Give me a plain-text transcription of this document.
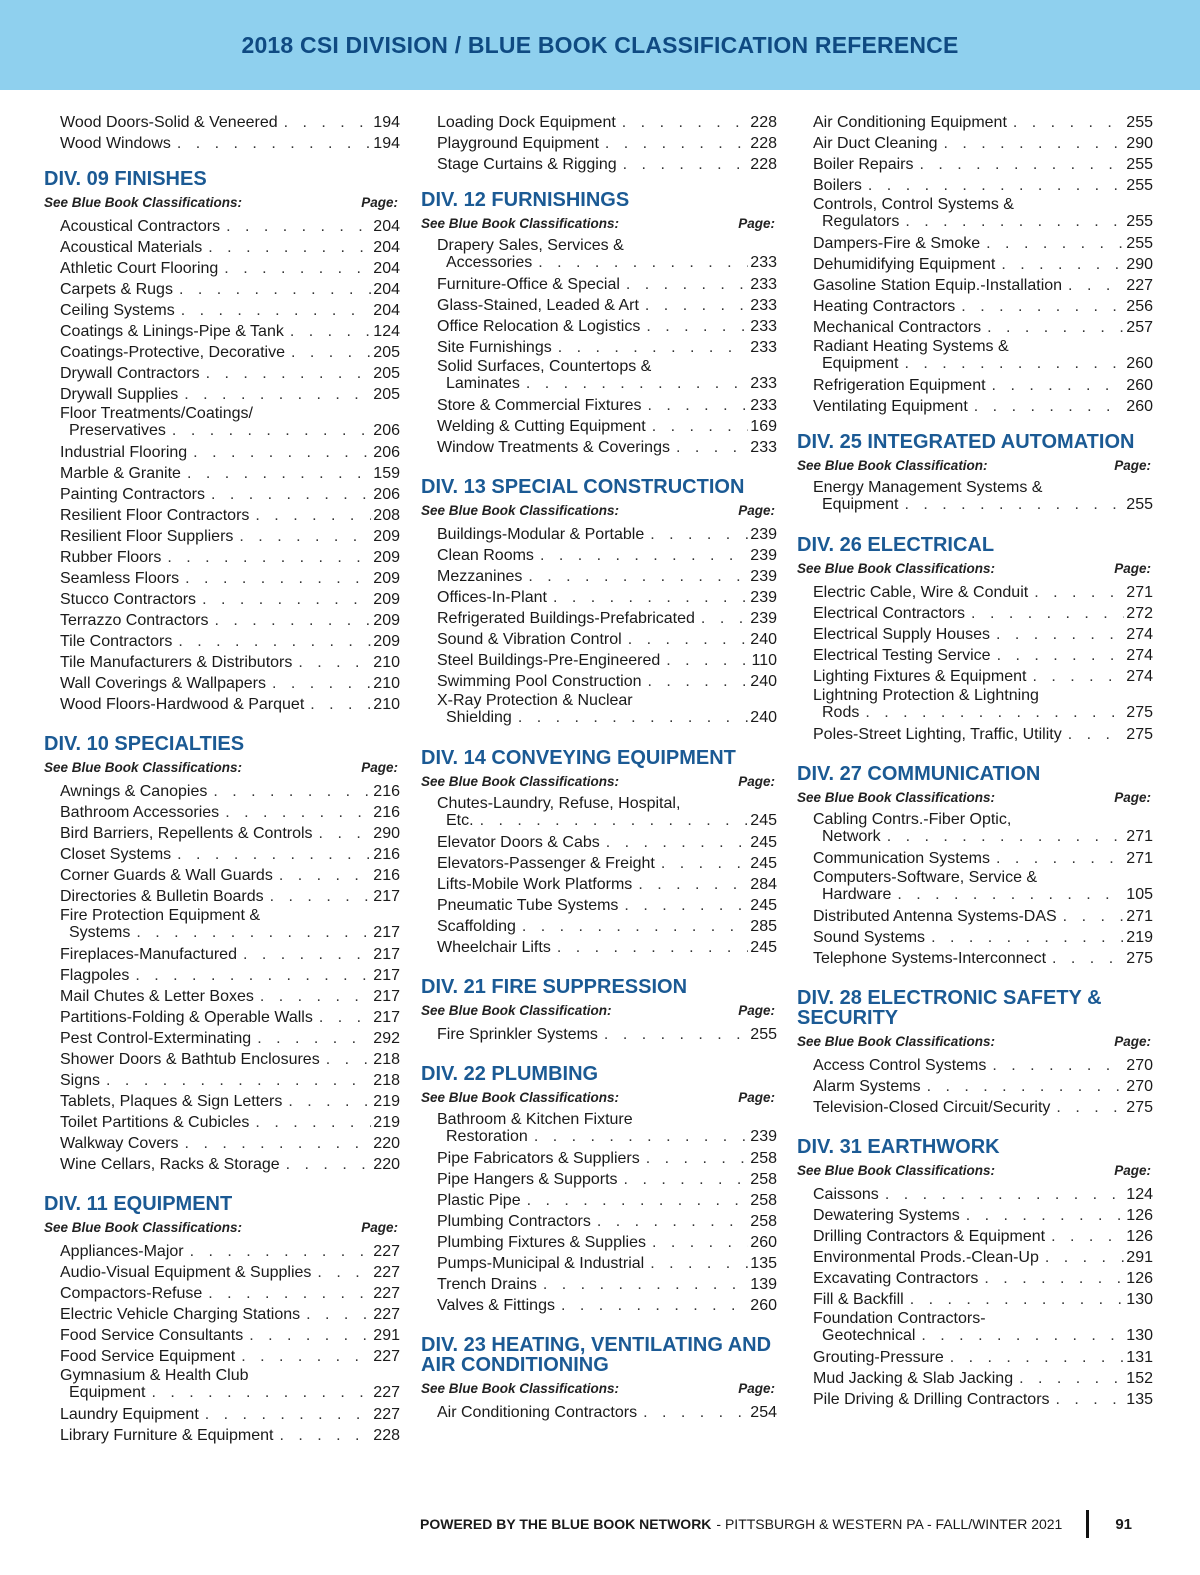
2018 CSI DIVISION / BLUE BOOK CLASSIFICATION REFERENCE
Wood Doors-Solid & Veneered . . .	194
Wood Windows . . .	194
DIV. 09 FINISHES
See Blue Book Classifications:	Page:
Acoustical Contractors . . .	204
Acoustical Materials . . .	204
Athletic Court Flooring . . .	204
Carpets & Rugs . . .	204
Ceiling Systems . . .	204
Coatings & Linings-Pipe & Tank . . .	124
Coatings-Protective, Decorative . . .	205
Drywall Contractors . . .	205
Drywall Supplies . . .	205
Floor Treatments/Coatings/
Preservatives . . .	206
Industrial Flooring . . .	206
Marble & Granite . . .	159
Painting Contractors . . .	206
Resilient Floor Contractors . . .	208
Resilient Floor Suppliers . . .	209
Rubber Floors . . .	209
Seamless Floors . . .	209
Stucco Contractors . . .	209
Terrazzo Contractors . . .	209
Tile Contractors . . .	209
Tile Manufacturers & Distributors . . .	210
Wall Coverings & Wallpapers . . .	210
Wood Floors-Hardwood & Parquet . . .	210
DIV. 10 SPECIALTIES
See Blue Book Classifications:	Page:
Awnings & Canopies . . .	216
Bathroom Accessories . . .	216
Bird Barriers, Repellents & Controls . . .	290
Closet Systems . . .	216
Corner Guards & Wall Guards . . .	216
Directories & Bulletin Boards . . .	217
Fire Protection Equipment &
Systems . . .	217
Fireplaces-Manufactured . . .	217
Flagpoles . . .	217
Mail Chutes & Letter Boxes . . .	217
Partitions-Folding & Operable Walls . . .	217
Pest Control-Exterminating . . .	292
Shower Doors & Bathtub Enclosures . . .	218
Signs . . .	218
Tablets, Plaques & Sign Letters . . .	219
Toilet Partitions & Cubicles . . .	219
Walkway Covers . . .	220
Wine Cellars, Racks & Storage . . .	220
DIV. 11 EQUIPMENT
See Blue Book Classifications:	Page:
Appliances-Major . . .	227
Audio-Visual Equipment & Supplies . . .	227
Compactors-Refuse . . .	227
Electric Vehicle Charging Stations . . .	227
Food Service Consultants . . .	291
Food Service Equipment . . .	227
Gymnasium & Health Club
Equipment . . .	227
Laundry Equipment . . .	227
Library Furniture & Equipment . . .	228
Loading Dock Equipment . . .	228
Playground Equipment . . .	228
Stage Curtains & Rigging . . .	228
DIV. 12 FURNISHINGS
See Blue Book Classifications:	Page:
Drapery Sales, Services &
Accessories . . .	233
Furniture-Office & Special . . .	233
Glass-Stained, Leaded & Art . . .	233
Office Relocation & Logistics . . .	233
Site Furnishings . . .	233
Solid Surfaces, Countertops &
Laminates . . .	233
Store & Commercial Fixtures . . .	233
Welding & Cutting Equipment . . .	169
Window Treatments & Coverings . . .	233
DIV. 13 SPECIAL CONSTRUCTION
See Blue Book Classifications:	Page:
Buildings-Modular & Portable . . .	239
Clean Rooms . . .	239
Mezzanines . . .	239
Offices-In-Plant . . .	239
Refrigerated Buildings-Prefabricated . . .	239
Sound & Vibration Control . . .	240
Steel Buildings-Pre-Engineered . . .	110
Swimming Pool Construction . . .	240
X-Ray Protection & Nuclear
Shielding . . .	240
DIV. 14 CONVEYING EQUIPMENT
See Blue Book Classifications:	Page:
Chutes-Laundry, Refuse, Hospital,
Etc. . . .	245
Elevator Doors & Cabs . . .	245
Elevators-Passenger & Freight . . .	245
Lifts-Mobile Work Platforms . . .	284
Pneumatic Tube Systems . . .	245
Scaffolding . . .	285
Wheelchair Lifts . . .	245
DIV. 21 FIRE SUPPRESSION
See Blue Book Classification:	Page:
Fire Sprinkler Systems . . .	255
DIV. 22 PLUMBING
See Blue Book Classifications:	Page:
Bathroom & Kitchen Fixture
Restoration . . .	239
Pipe Fabricators & Suppliers . . .	258
Pipe Hangers & Supports . . .	258
Plastic Pipe . . .	258
Plumbing Contractors . . .	258
Plumbing Fixtures & Supplies . . .	260
Pumps-Municipal & Industrial . . .	135
Trench Drains . . .	139
Valves & Fittings . . .	260
DIV. 23 HEATING, VENTILATING AND AIR CONDITIONING
See Blue Book Classifications:	Page:
Air Conditioning Contractors . . .	254
Air Conditioning Equipment . . .	255
Air Duct Cleaning . . .	290
Boiler Repairs . . .	255
Boilers . . .	255
Controls, Control Systems &
Regulators . . .	255
Dampers-Fire & Smoke . . .	255
Dehumidifying Equipment . . .	290
Gasoline Station Equip.-Installation . . .	227
Heating Contractors . . .	256
Mechanical Contractors . . .	257
Radiant Heating Systems &
Equipment . . .	260
Refrigeration Equipment . . .	260
Ventilating Equipment . . .	260
DIV. 25 INTEGRATED AUTOMATION
See Blue Book Classification:	Page:
Energy Management Systems &
Equipment . . .	255
DIV. 26 ELECTRICAL
See Blue Book Classifications:	Page:
Electric Cable, Wire & Conduit . . .	271
Electrical Contractors . . .	272
Electrical Supply Houses . . .	274
Electrical Testing Service . . .	274
Lighting Fixtures & Equipment . . .	274
Lightning Protection & Lightning
Rods . . .	275
Poles-Street Lighting, Traffic, Utility . . .	275
DIV. 27 COMMUNICATION
See Blue Book Classifications:	Page:
Cabling Contrs.-Fiber Optic,
Network . . .	271
Communication Systems . . .	271
Computers-Software, Service &
Hardware . . .	105
Distributed Antenna Systems-DAS . . .	271
Sound Systems . . .	219
Telephone Systems-Interconnect . . .	275
DIV. 28 ELECTRONIC SAFETY & SECURITY
See Blue Book Classifications:	Page:
Access Control Systems . . .	270
Alarm Systems . . .	270
Television-Closed Circuit/Security . . .	275
DIV. 31 EARTHWORK
See Blue Book Classifications:	Page:
Caissons . . .	124
Dewatering Systems . . .	126
Drilling Contractors & Equipment . . .	126
Environmental Prods.-Clean-Up . . .	291
Excavating Contractors . . .	126
Fill & Backfill . . .	130
Foundation Contractors-
Geotechnical . . .	130
Grouting-Pressure . . .	131
Mud Jacking & Slab Jacking . . .	152
Pile Driving & Drilling Contractors . . .	135
POWERED BY THE BLUE BOOK NETWORK - PITTSBURGH & WESTERN PA - FALL/WINTER 2021	91
